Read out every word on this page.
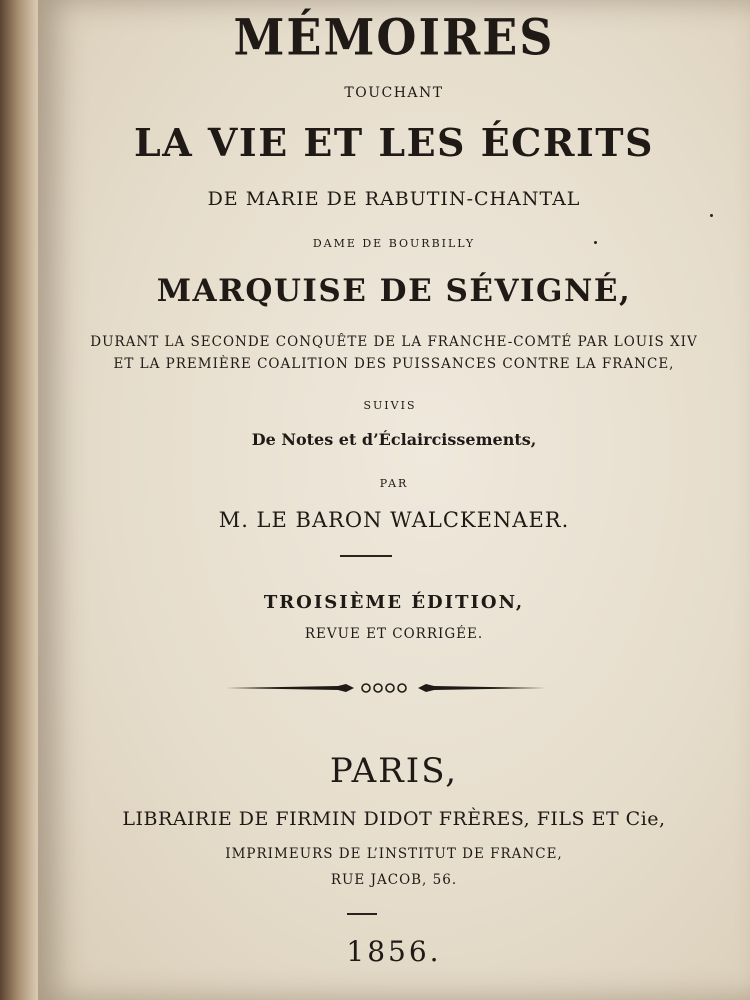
MÉMOIRES
TOUCHANT
LA VIE ET LES ÉCRITS
DE MARIE DE RABUTIN-CHANTAL
DAME DE BOURBILLY
MARQUISE DE SÉVIGNÉ,
DURANT LA SECONDE CONQUÊTE DE LA FRANCHE-COMTÉ PAR LOUIS XIV
ET LA PREMIÈRE COALITION DES PUISSANCES CONTRE LA FRANCE,
SUIVIS
De Notes et d’Éclaircissements,
PAR
M. LE BARON WALCKENAER.
TROISIÈME ÉDITION,
REVUE ET CORRIGÉE.
PARIS,
LIBRAIRIE DE FIRMIN DIDOT FRÈRES, FILS ET Cie,
IMPRIMEURS DE L’INSTITUT DE FRANCE,
RUE JACOB, 56.
1856.
